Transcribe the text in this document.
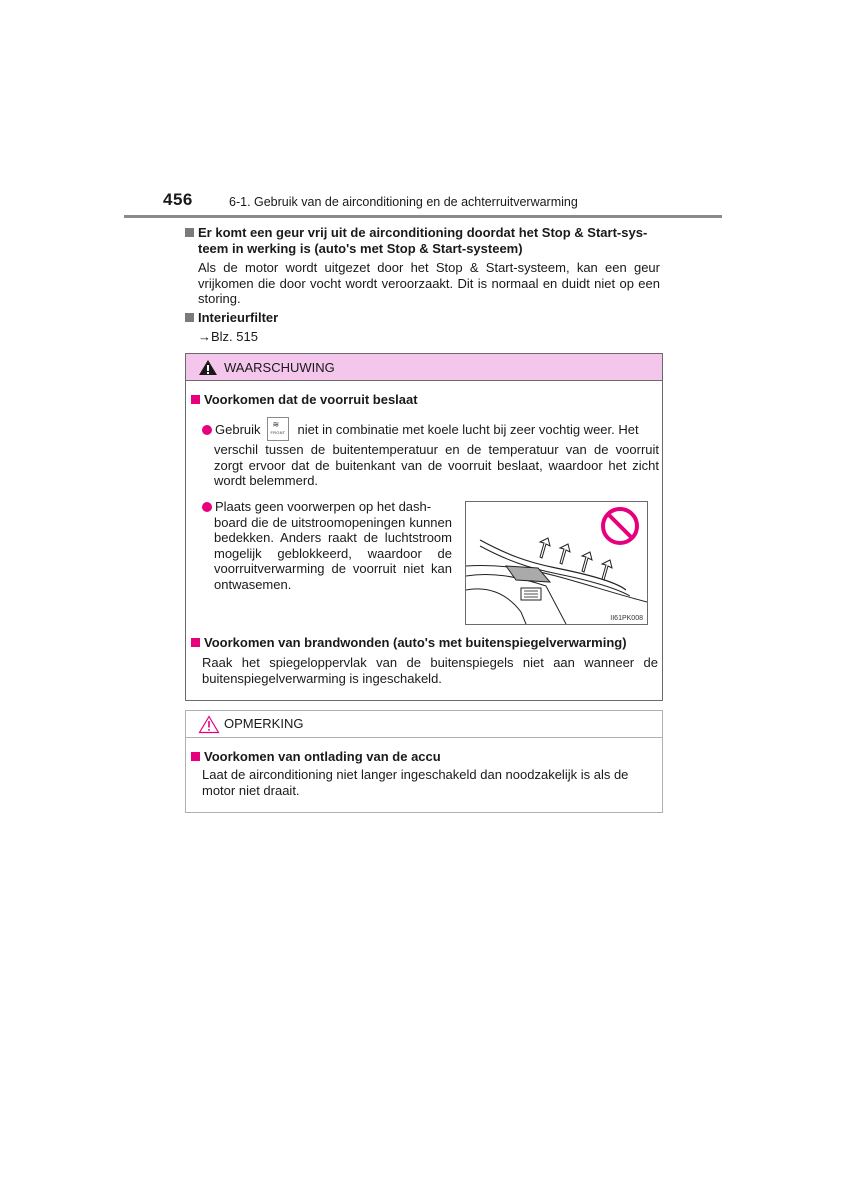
456	6-1. Gebruik van de airconditioning en de achterruitverwarming
Er komt een geur vrij uit de airconditioning doordat het Stop & Start-sys-
teem in werking is (auto's met Stop & Start-systeem)
Als de motor wordt uitgezet door het Stop & Start-systeem, kan een geur vrijkomen die door vocht wordt veroorzaakt. Dit is normaal en duidt niet op een storing.
Interieurfilter
→Blz. 515
WAARSCHUWING
Voorkomen dat de voorruit beslaat
Gebruik ≋
FRONT niet in combinatie met koele lucht bij zeer vochtig weer. Het
verschil tussen de buitentemperatuur en de temperatuur van de voorruit zorgt ervoor dat de buitenkant van de voorruit beslaat, waardoor het zicht wordt belemmerd.
Plaats geen voorwerpen op het dash-
board die de uitstroomopeningen kunnen bedekken. Anders raakt de luchtstroom mogelijk geblokkeerd, waardoor de voorruitverwarming de voorruit niet kan ontwasemen.
II61PK008
Voorkomen van brandwonden (auto's met buitenspiegelverwarming)
Raak het spiegeloppervlak van de buitenspiegels niet aan wanneer de buitenspiegelverwarming is ingeschakeld.
OPMERKING
Voorkomen van ontlading van de accu
Laat de airconditioning niet langer ingeschakeld dan noodzakelijk is als de motor niet draait.
